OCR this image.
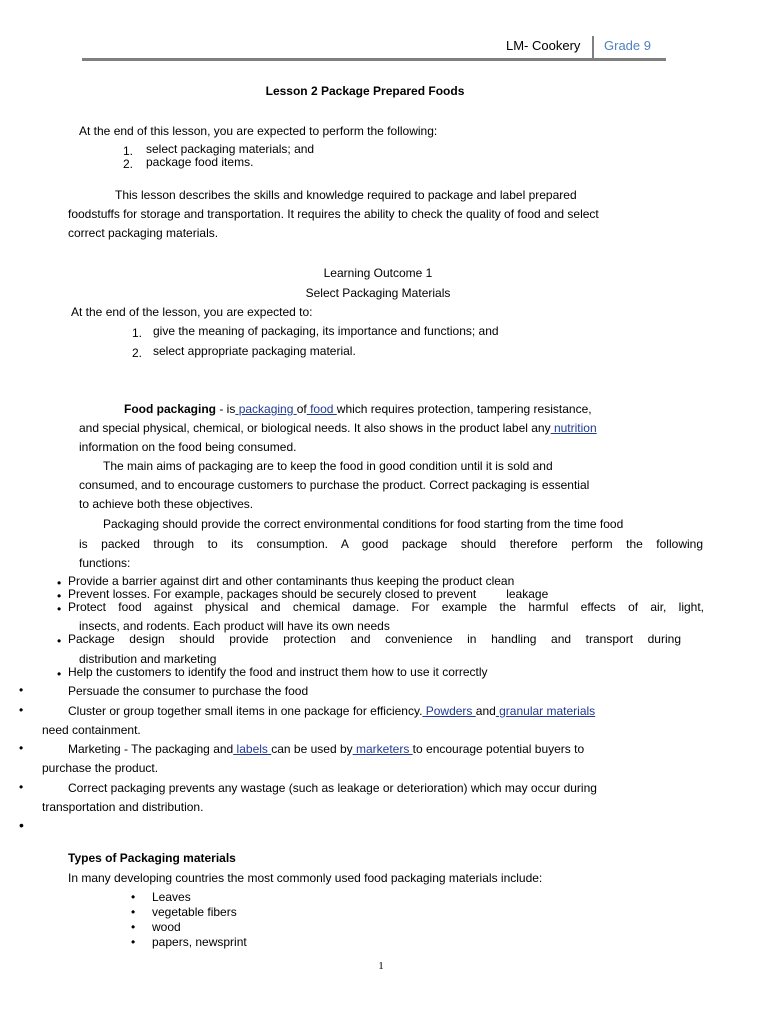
LM- Cookery Grade 9
Lesson 2 Package Prepared Foods
At the end of this lesson, you are expected to perform the following:
1. select packaging materials; and
2. package food items.
This lesson describes the skills and knowledge required to package and label prepared
foodstuffs for storage and transportation. It requires the ability to check the quality of food and select
correct packaging materials.
Learning Outcome 1
Select Packaging Materials
At the end of the lesson, you are expected to:
1. give the meaning of packaging, its importance and functions; and
2. select appropriate packaging material.
Food packaging - is packaging of food which requires protection, tampering resistance,
and special physical, chemical, or biological needs. It also shows in the product label any nutrition
information on the food being consumed.
The main aims of packaging are to keep the food in good condition until it is sold and
consumed, and to encourage customers to purchase the product. Correct packaging is essential
to achieve both these objectives.
Packaging should provide the correct environmental conditions for food starting from the time food
is packed through to its consumption. A good package should therefore perform the following
functions:
• Provide a barrier against dirt and other contaminants thus keeping the product clean
• Prevent losses. For example, packages should be securely closed to prevent	leakage
• Protect food against physical and chemical damage. For example the harmful effects of air, light,
insects, and rodents. Each product will have its own needs
• Package design should provide protection and convenience in handling and transport during
distribution and marketing
• Help the customers to identify the food and instruct them how to use it correctly
•	Persuade the consumer to purchase the food
•	Cluster or group together small items in one package for efficiency. Powders and granular materials
need containment.
•	Marketing - The packaging and labels can be used by marketers to encourage potential buyers to
purchase the product.
•	Correct packaging prevents any wastage (such as leakage or deterioration) which may occur during
transportation and distribution.
•
Types of Packaging materials
In many developing countries the most commonly used food packaging materials include:
• Leaves
• vegetable fibers
• wood
• papers, newsprint
1
